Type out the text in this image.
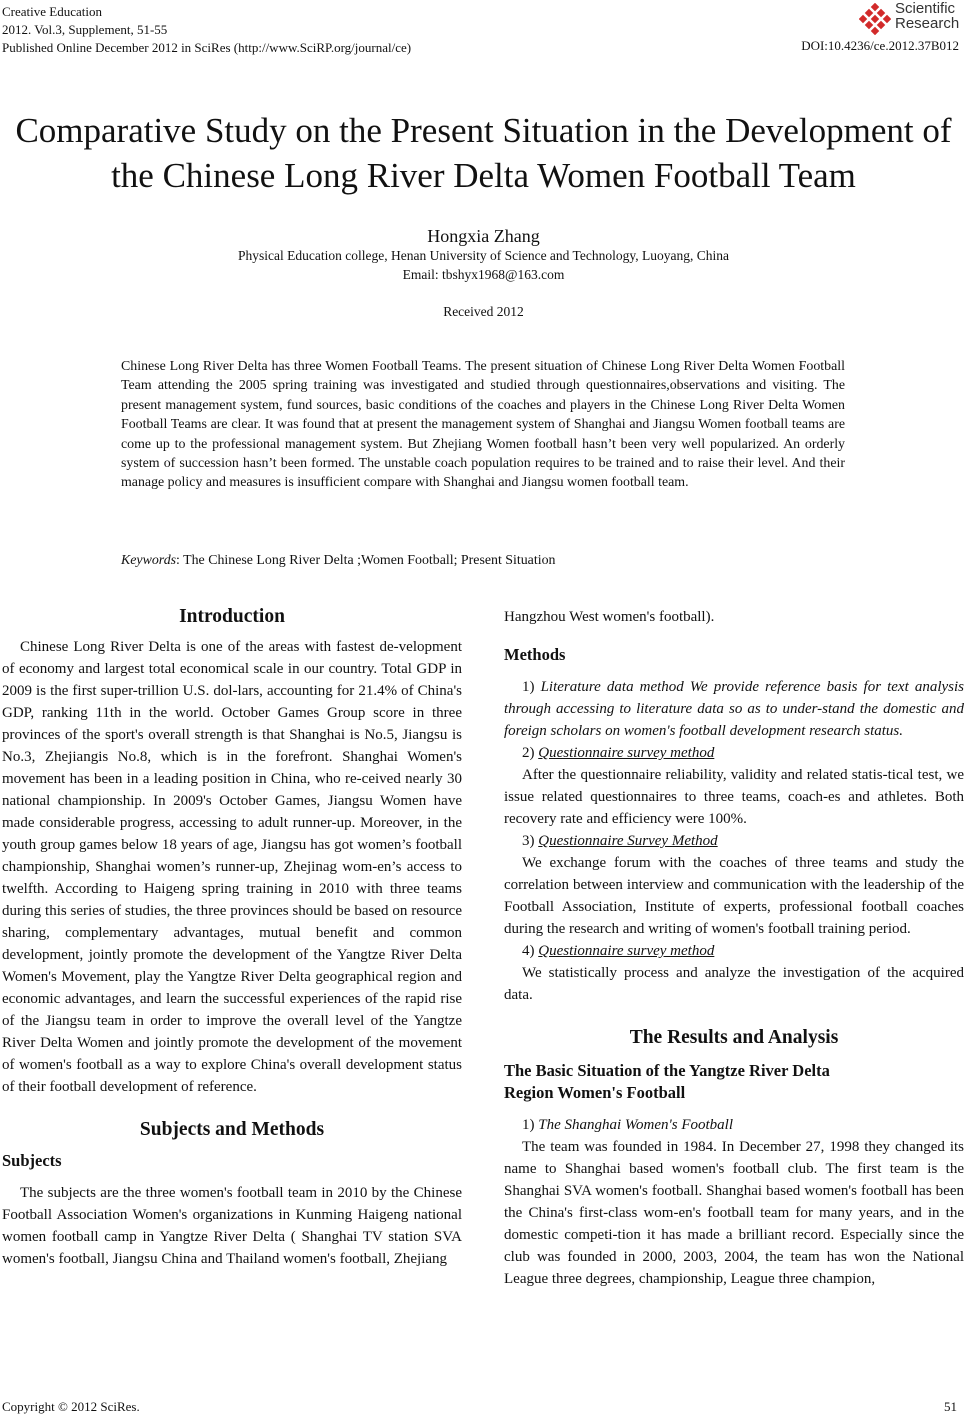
Creative Education
2012. Vol.3, Supplement, 51-55
Published Online December 2012 in SciRes (http://www.SciRP.org/journal/ce)
Scientific
Research
DOI:10.4236/ce.2012.37B012
Comparative Study on the Present Situation in the Development of
the Chinese Long River Delta Women Football Team
Hongxia Zhang
Physical Education college, Henan University of Science and Technology, Luoyang, China
Email: tbshyx1968@163.com
Received 2012

Chinese Long River Delta has three Women Football Teams. The present situation of Chinese Long River Delta Women Football Team attending the 2005 spring training was investigated and studied through questionnaires,observations and visiting. The present management system, fund sources, basic conditions of the coaches and players in the Chinese Long River Delta Women Football Teams are clear. It was found that at present the management system of Shanghai and Jiangsu Women football teams are come up to the professional management system. But Zhejiang Women football hasn’t been very well popularized. An orderly system of succession hasn’t been formed. The unstable coach population requires to be trained and to raise their level. And their manage policy and measures is insufficient compare with Shanghai and Jiangsu women football team.

Keywords: The Chinese Long River Delta ;Women Football; Present Situation
Introduction

Chinese Long River Delta is one of the areas with fastest de-velopment of economy and largest total economical scale in our country. Total GDP in 2009 is the first super-trillion U.S. dol-lars, accounting for 21.4% of China's GDP, ranking 11th in the world. October Games Group score in three provinces of the sport's overall strength is that Shanghai is No.5, Jiangsu is No.3, Zhejiangis No.8, which is in the forefront. Shanghai Women's movement has been in a leading position in China, who re-ceived nearly 30 national championship. In 2009's October Games, Jiangsu Women have made considerable progress, accessing to adult runner-up. Moreover, in the youth group games below 18 years of age, Jiangsu has got women’s football championship, Shanghai women’s runner-up, Zhejinag wom-en’s access to twelfth. According to Haigeng spring training in 2010 with three teams during this series of studies, the three provinces should be based on resource sharing, complementary advantages, mutual benefit and common development, jointly promote the development of the Yangtze River Delta Women's Movement, play the Yangtze River Delta geographical region and economic advantages, and learn the successful experiences of the rapid rise of the Jiangsu team in order to improve the overall level of the Yangtze River Delta Women and jointly promote the development of the movement of women's football as a way to explore China's overall development status of their football development of reference.

Subjects and Methods
Subjects

The subjects are the three women's football team in 2010 by the Chinese Football Association Women's organizations in Kunming Haigeng national women football camp in Yangtze River Delta ( Shanghai TV station SVA women's football, Jiangsu China and Thailand women's football, Zhejiang

Hangzhou West women's football).

Methods

1) Literature data method We provide reference basis for text analysis through accessing to literature data so as to under-stand the domestic and foreign scholars on women's football development research status.

2) Questionnaire survey method

After the questionnaire reliability, validity and related statis-tical test, we issue related questionnaires to three teams, coach-es and athletes. Both recovery rate and efficiency were 100%.

3) Questionnaire Survey Method

We exchange forum with the coaches of three teams and study the correlation between interview and communication with the leadership of the Football Association, Institute of experts, professional football coaches during the research and writing of women's football training period.

4) Questionnaire survey method

We statistically process and analyze the investigation of the acquired data.

The Results and Analysis
The Basic Situation of the Yangtze River Delta
Region Women's Football

1) The Shanghai Women's Football

The team was founded in 1984. In December 27, 1998 they changed its name to Shanghai based women's football club. The first team is the Shanghai SVA women's football. Shanghai based women's football has been the China's first-class wom-en's football team for many years, and in the domestic competi-tion it has made a brilliant record. Especially since the club was founded in 2000, 2003, 2004, the team has won the National League three degrees, championship, League three champion,

Copyright © 2012 SciRes.	51
